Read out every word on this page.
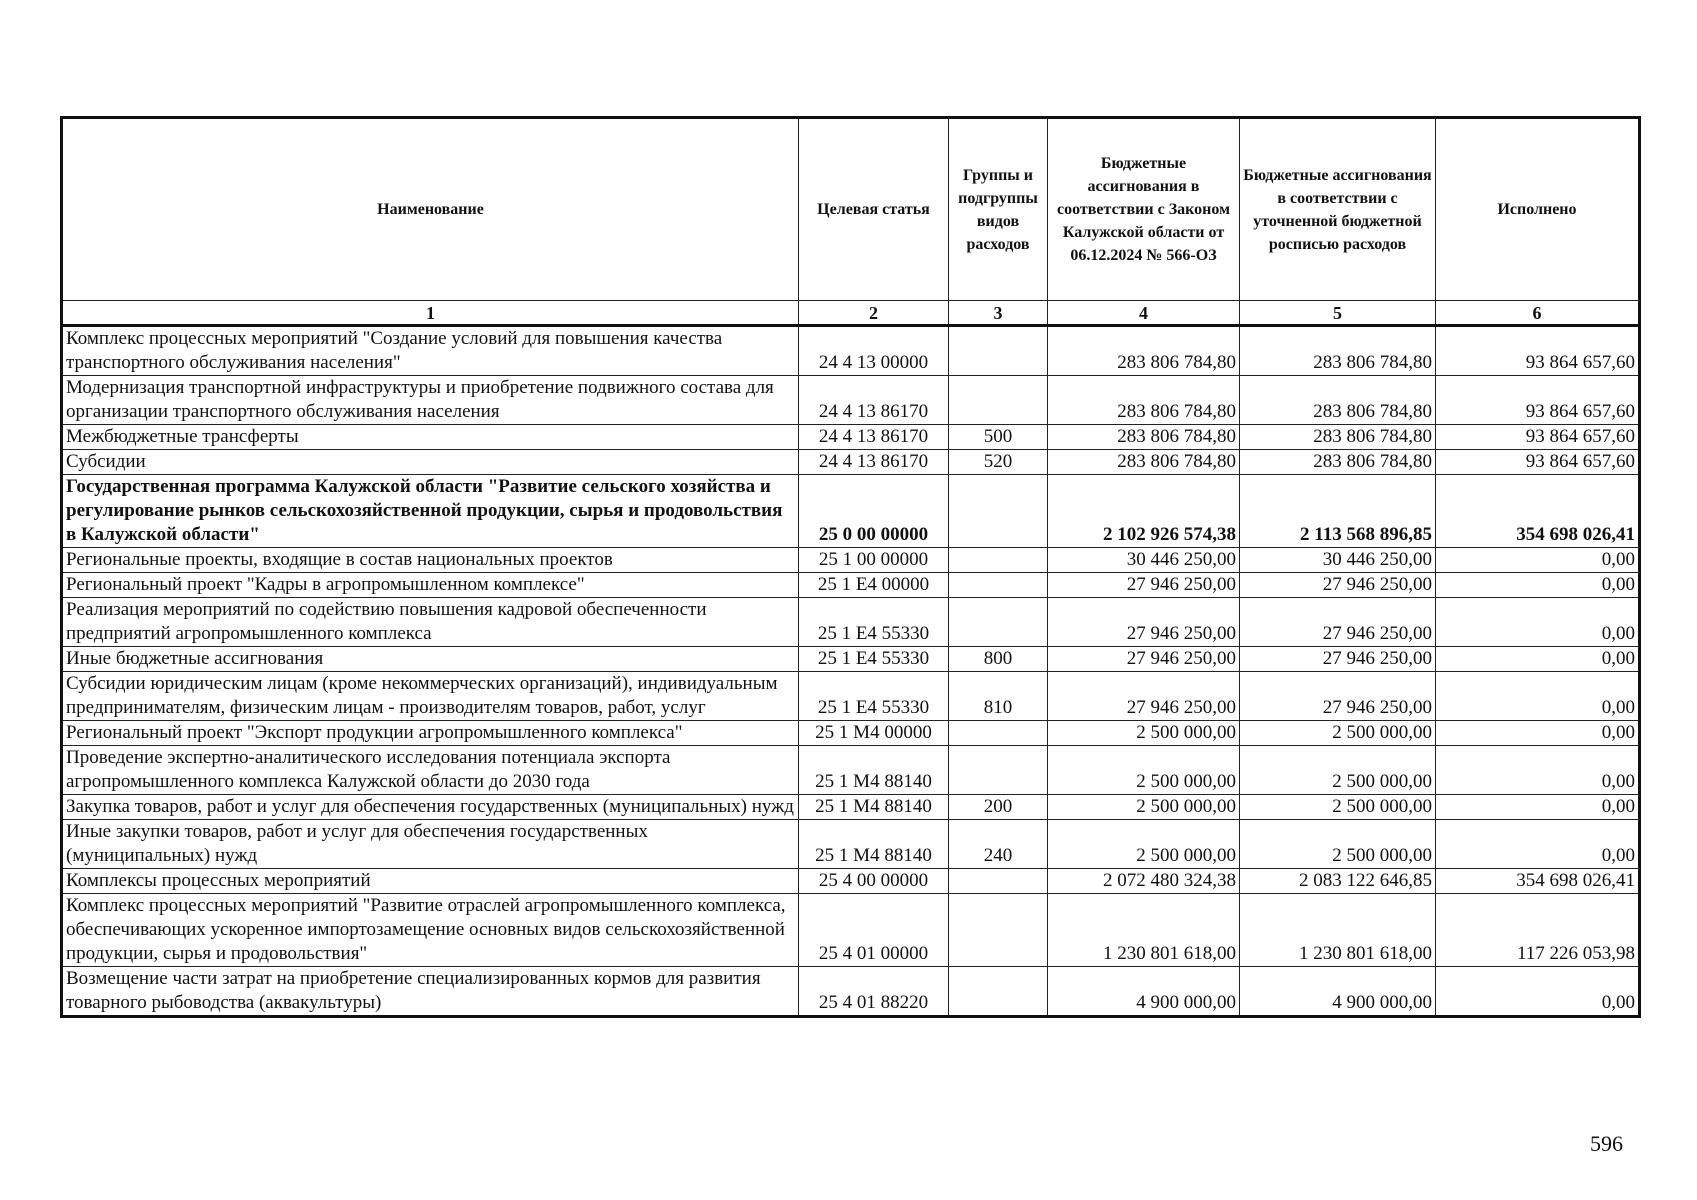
Наименование	Целевая статья	Группы и подгруппы видов расходов	Бюджетные ассигнования в соответствии с Законом Калужской области от 06.12.2024 № 566-ОЗ	Бюджетные ассигнования в соответствии с уточненной бюджетной росписью расходов	Исполнено
1	2	3	4	5	6
Комплекс процессных мероприятий "Создание условий для повышения качества транспортного обслуживания населения"	24 4 13 00000		283 806 784,80	283 806 784,80	93 864 657,60
Модернизация транспортной инфраструктуры и приобретение подвижного состава для организации транспортного обслуживания населения	24 4 13 86170		283 806 784,80	283 806 784,80	93 864 657,60
Межбюджетные трансферты	24 4 13 86170	500	283 806 784,80	283 806 784,80	93 864 657,60
Субсидии	24 4 13 86170	520	283 806 784,80	283 806 784,80	93 864 657,60
Государственная программа Калужской области "Развитие сельского хозяйства и регулирование рынков сельскохозяйственной продукции, сырья и продовольствия в Калужской области"	25 0 00 00000		2 102 926 574,38	2 113 568 896,85	354 698 026,41
Региональные проекты, входящие в состав национальных проектов	25 1 00 00000		30 446 250,00	30 446 250,00	0,00
Региональный проект "Кадры в агропромышленном комплексе"	25 1 E4 00000		27 946 250,00	27 946 250,00	0,00
Реализация мероприятий по содействию повышения кадровой обеспеченности предприятий агропромышленного комплекса	25 1 E4 55330		27 946 250,00	27 946 250,00	0,00
Иные бюджетные ассигнования	25 1 E4 55330	800	27 946 250,00	27 946 250,00	0,00
Субсидии юридическим лицам (кроме некоммерческих организаций), индивидуальным предпринимателям, физическим лицам - производителям товаров, работ, услуг	25 1 E4 55330	810	27 946 250,00	27 946 250,00	0,00
Региональный проект "Экспорт продукции агропромышленного комплекса"	25 1 M4 00000		2 500 000,00	2 500 000,00	0,00
Проведение экспертно-аналитического исследования потенциала экспорта агропромышленного комплекса Калужской области до 2030 года	25 1 M4 88140		2 500 000,00	2 500 000,00	0,00
Закупка товаров, работ и услуг для обеспечения государственных (муниципальных) нужд	25 1 M4 88140	200	2 500 000,00	2 500 000,00	0,00
Иные закупки товаров, работ и услуг для обеспечения государственных (муниципальных) нужд	25 1 M4 88140	240	2 500 000,00	2 500 000,00	0,00
Комплексы процессных мероприятий	25 4 00 00000		2 072 480 324,38	2 083 122 646,85	354 698 026,41
Комплекс процессных мероприятий "Развитие отраслей агропромышленного комплекса, обеспечивающих ускоренное импортозамещение основных видов сельскохозяйственной продукции, сырья и продовольствия"	25 4 01 00000		1 230 801 618,00	1 230 801 618,00	117 226 053,98
Возмещение части затрат на приобретение специализированных кормов для развития товарного рыбоводства (аквакультуры)	25 4 01 88220		4 900 000,00	4 900 000,00	0,00
596
